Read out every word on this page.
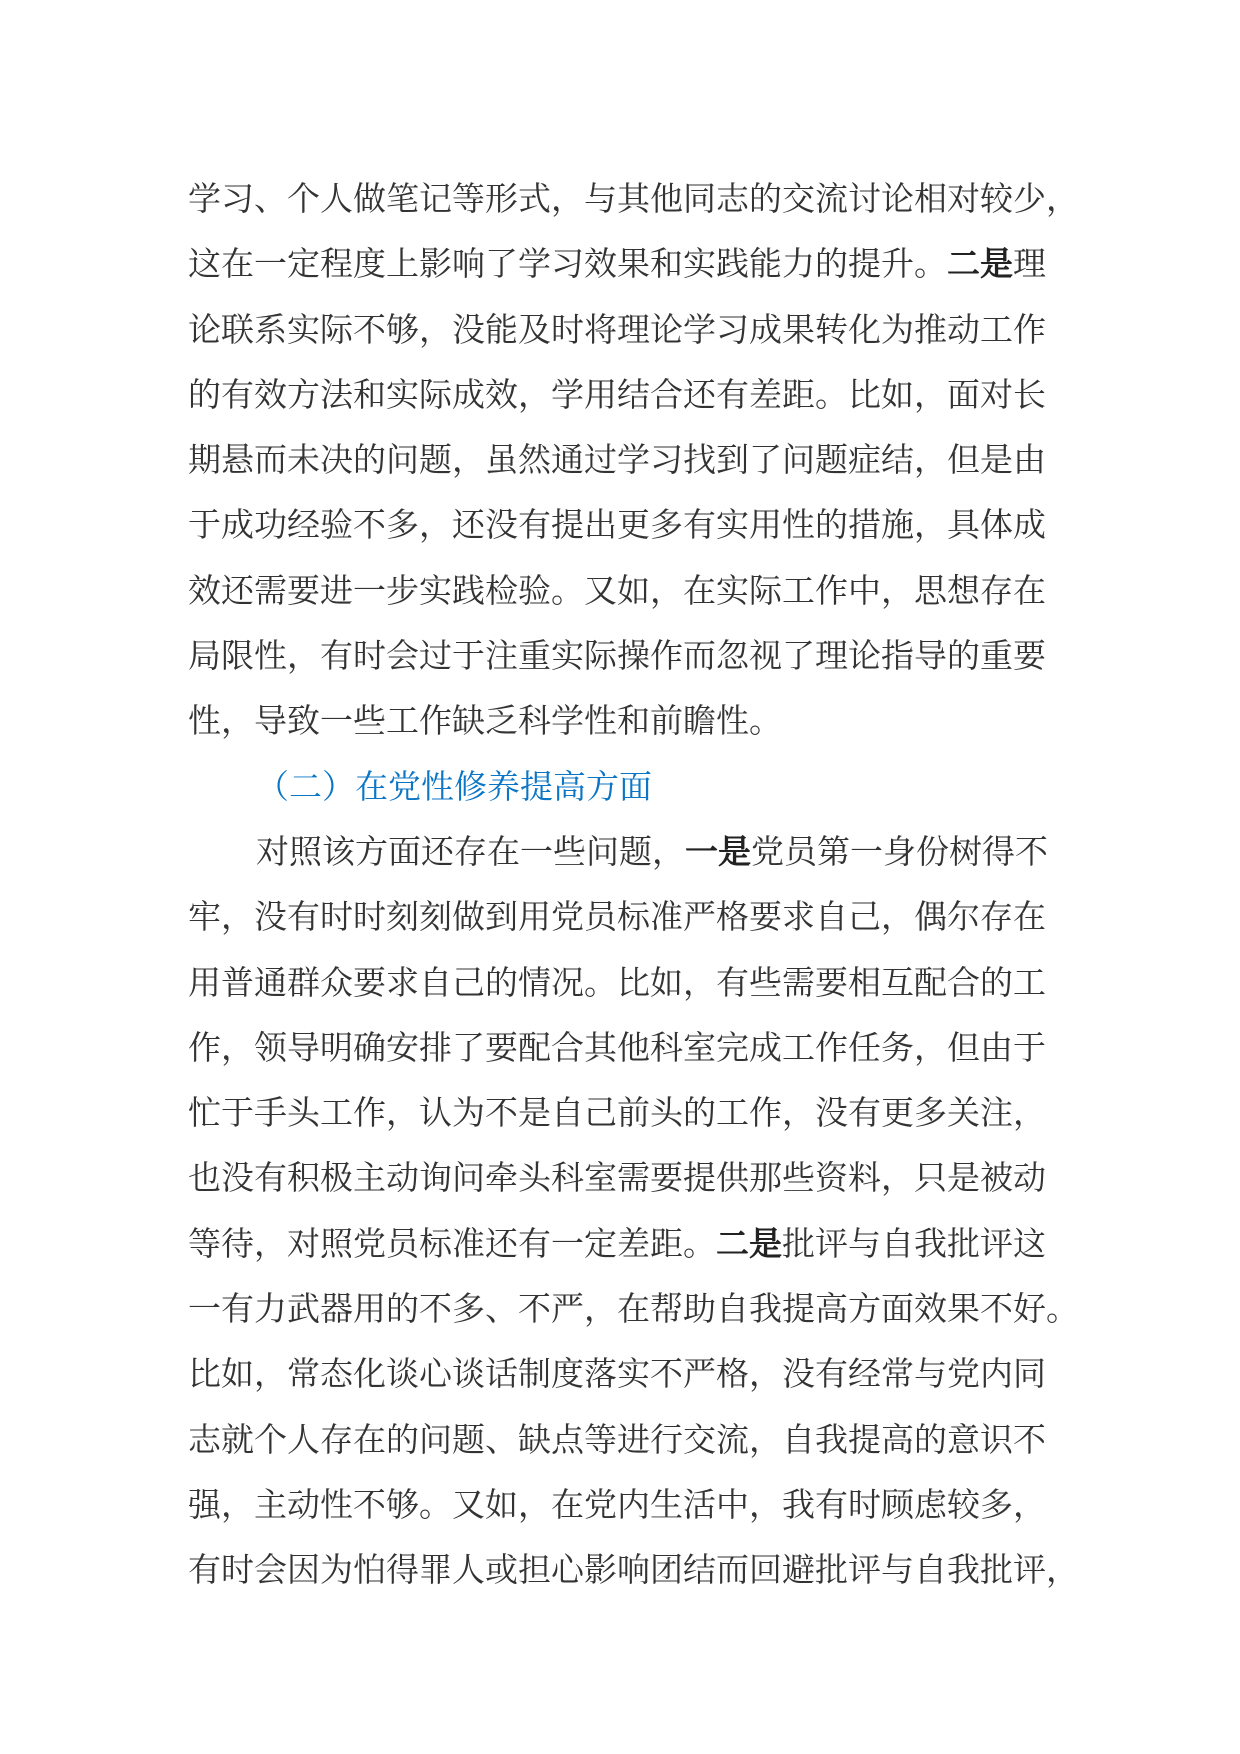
学习、个人做笔记等形式，与其他同志的交流讨论相对较少，
这在一定程度上影响了学习效果和实践能力的提升。二是理
论联系实际不够，没能及时将理论学习成果转化为推动工作
的有效方法和实际成效，学用结合还有差距。比如，面对长
期悬而未决的问题，虽然通过学习找到了问题症结，但是由
于成功经验不多，还没有提出更多有实用性的措施，具体成
效还需要进一步实践检验。又如，在实际工作中，思想存在
局限性，有时会过于注重实际操作而忽视了理论指导的重要
性，导致一些工作缺乏科学性和前瞻性。
（二）在党性修养提高方面
对照该方面还存在一些问题，一是党员第一身份树得不
牢，没有时时刻刻做到用党员标准严格要求自己，偶尔存在
用普通群众要求自己的情况。比如，有些需要相互配合的工
作，领导明确安排了要配合其他科室完成工作任务，但由于
忙于手头工作，认为不是自己前头的工作，没有更多关注，
也没有积极主动询问牵头科室需要提供那些资料，只是被动
等待，对照党员标准还有一定差距。二是批评与自我批评这
一有力武器用的不多、不严，在帮助自我提高方面效果不好。
比如，常态化谈心谈话制度落实不严格，没有经常与党内同
志就个人存在的问题、缺点等进行交流，自我提高的意识不
强，主动性不够。又如，在党内生活中，我有时顾虑较多，
有时会因为怕得罪人或担心影响团结而回避批评与自我批评，
